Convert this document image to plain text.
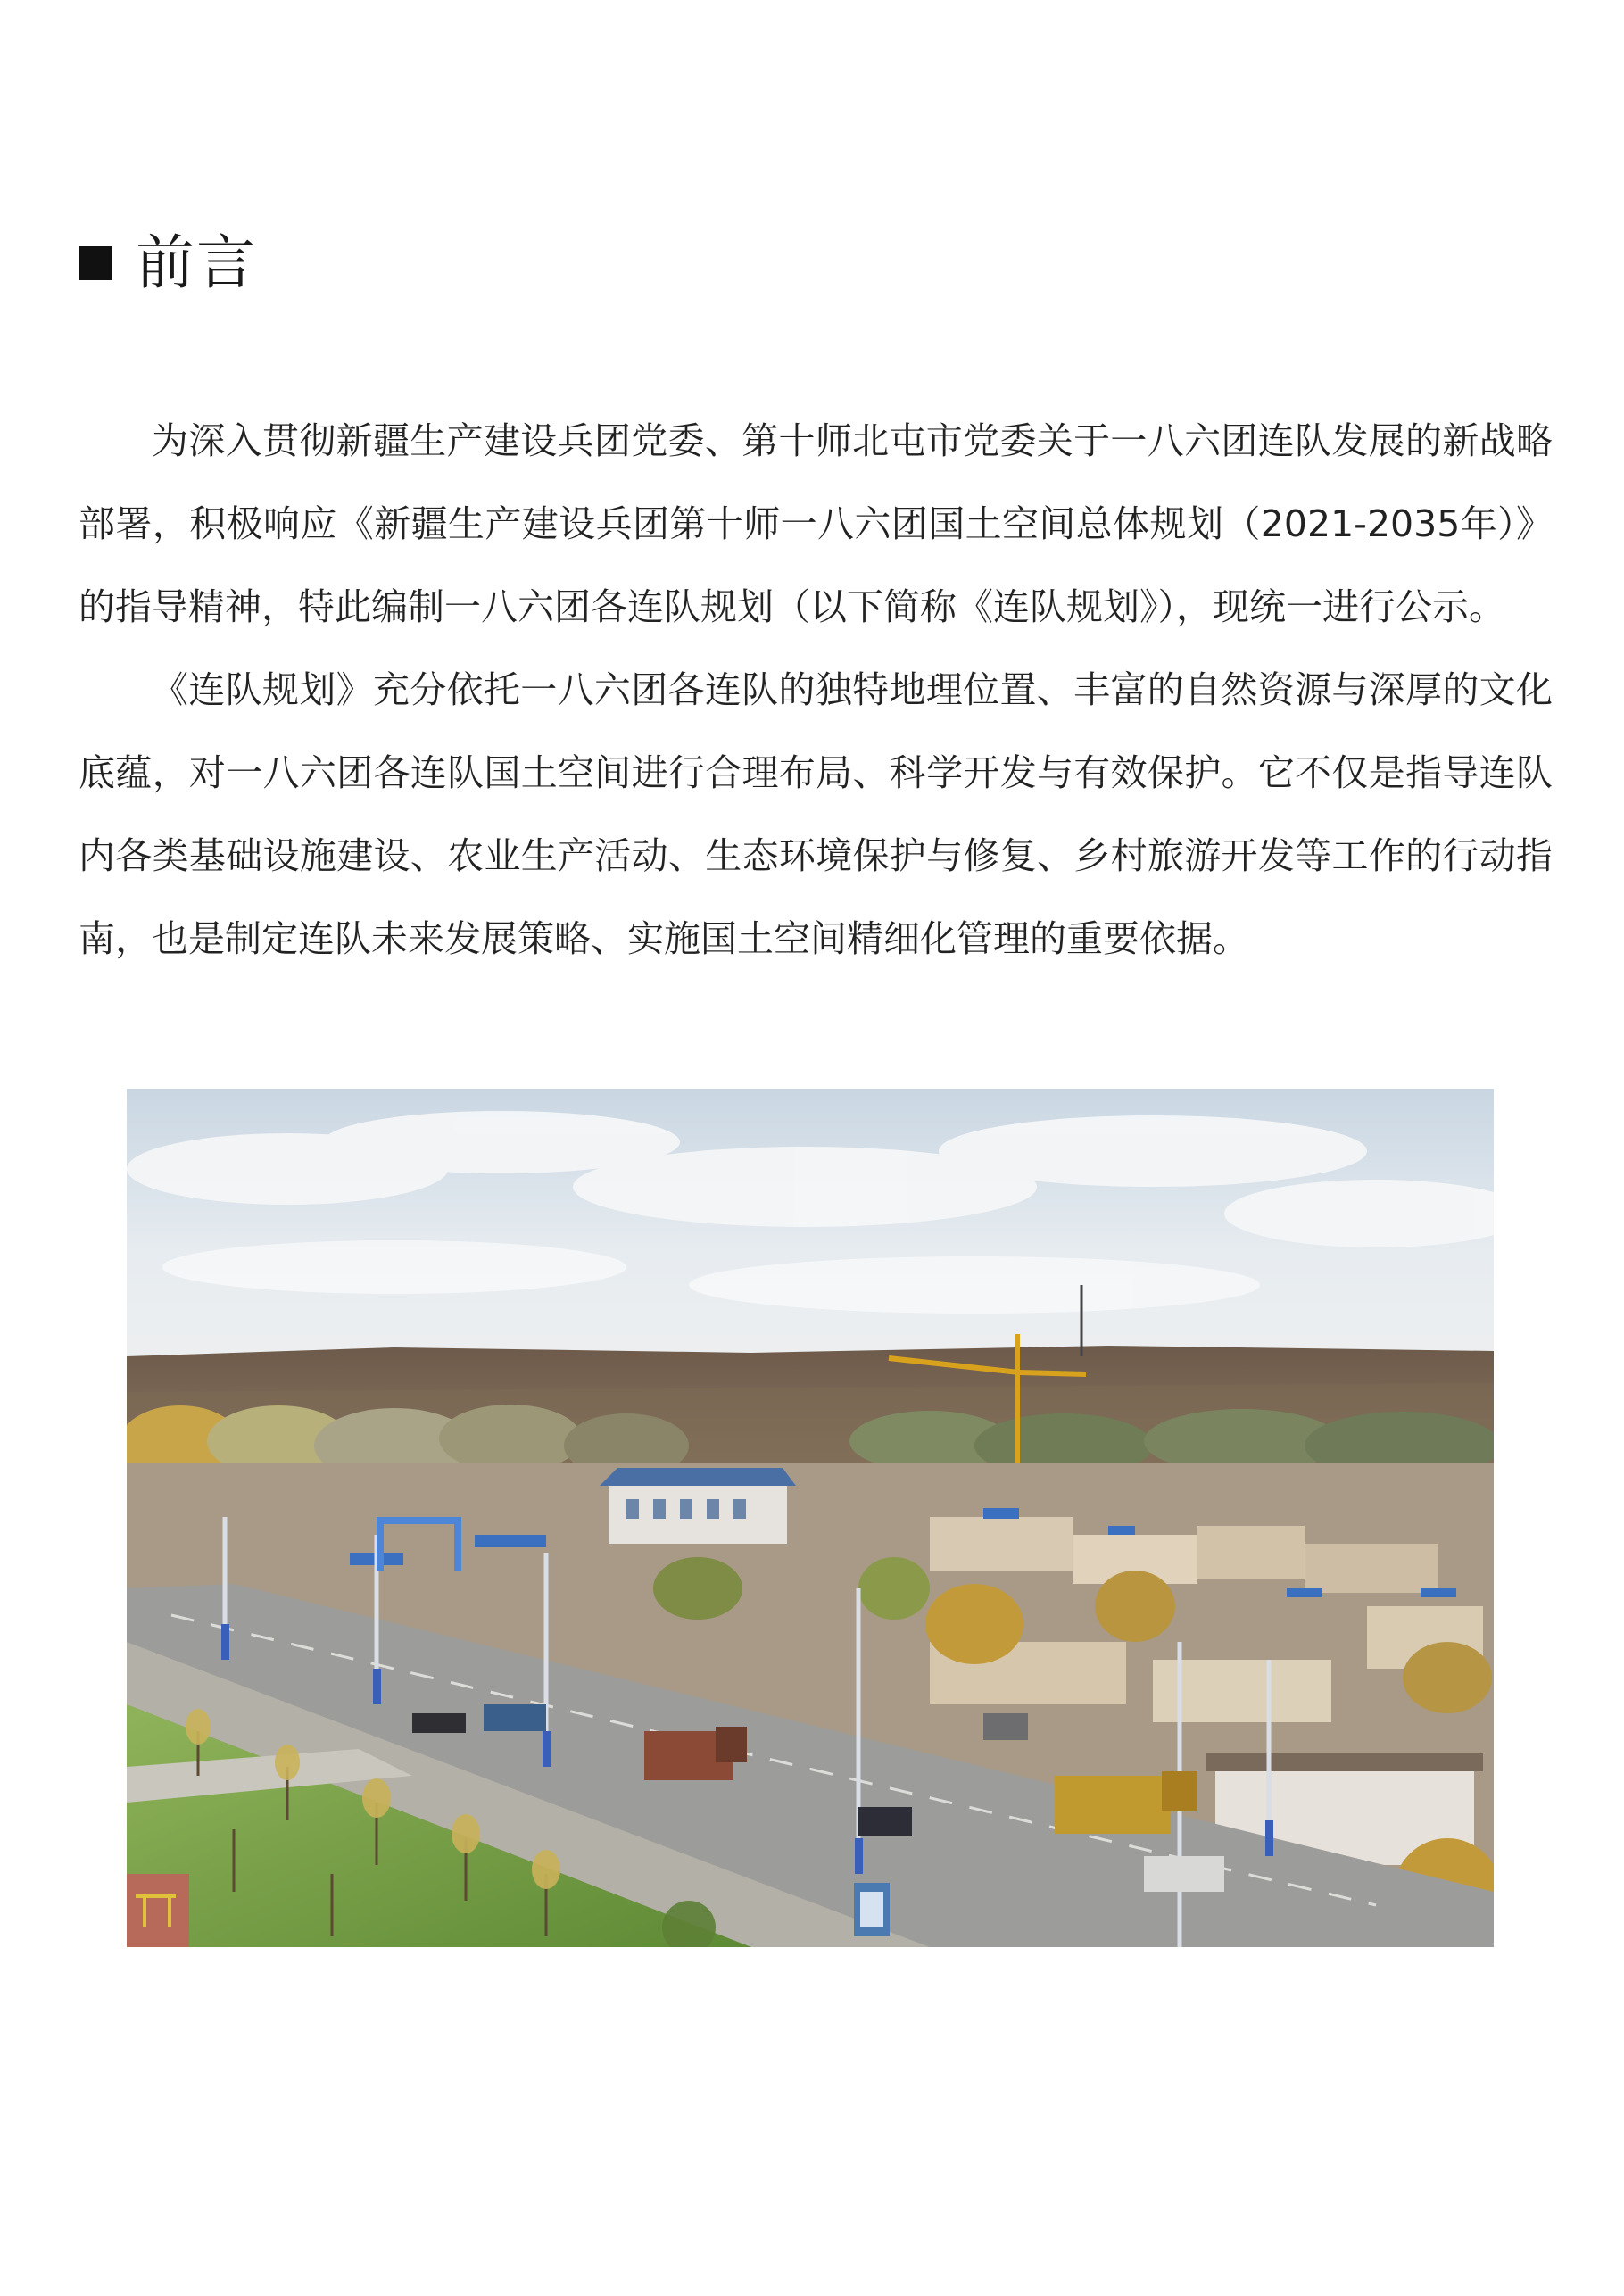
前言

为深入贯彻新疆生产建设兵团党委、第十师北屯市党委关于一八六团连队发展的新战略部署，积极响应《新疆生产建设兵团第十师一八六团国土空间总体规划（2021-2035年）》的指导精神，特此编制一八六团各连队规划（以下简称《连队规划》），现统一进行公示。

《连队规划》充分依托一八六团各连队的独特地理位置、丰富的自然资源与深厚的文化底蕴，对一八六团各连队国土空间进行合理布局、科学开发与有效保护。它不仅是指导连队内各类基础设施建设、农业生产活动、生态环境保护与修复、乡村旅游开发等工作的行动指南，也是制定连队未来发展策略、实施国土空间精细化管理的重要依据。
